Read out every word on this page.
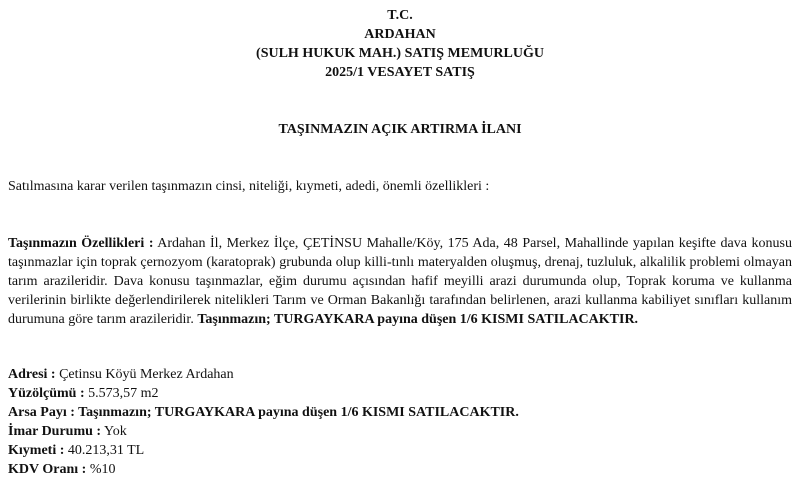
T.C.
ARDAHAN
(SULH HUKUK MAH.) SATIŞ MEMURLUĞU
2025/1 VESAYET SATIŞ
TAŞINMAZIN AÇIK ARTIRMA İLANI
Satılmasına karar verilen taşınmazın cinsi, niteliği, kıymeti, adedi, önemli özellikleri :
Taşınmazın Özellikleri : Ardahan İl, Merkez İlçe, ÇETİNSU Mahalle/Köy, 175 Ada, 48 Parsel, Mahallinde yapılan keşifte dava konusu taşınmazlar için toprak çernozyom (karatoprak) grubunda olup killi-tınlı materyalden oluşmuş, drenaj, tuzluluk, alkalilik problemi olmayan tarım arazileridir. Dava konusu taşınmazlar, eğim durumu açısından hafif meyilli arazi durumunda olup, Toprak koruma ve kullanma verilerinin birlikte değerlendirilerek nitelikleri Tarım ve Orman Bakanlığı tarafından belirlenen, arazi kullanma kabiliyet sınıfları kullanım durumuna göre tarım arazileridir. Taşınmazın; TURGAYKARA payına düşen 1/6 KISMI SATILACAKTIR.
Adresi : Çetinsu Köyü Merkez Ardahan
Yüzölçümü : 5.573,57 m2
Arsa Payı : Taşınmazın; TURGAYKARA payına düşen 1/6 KISMI SATILACAKTIR.
İmar Durumu : Yok
Kıymeti : 40.213,31 TL
KDV Oranı : %10
